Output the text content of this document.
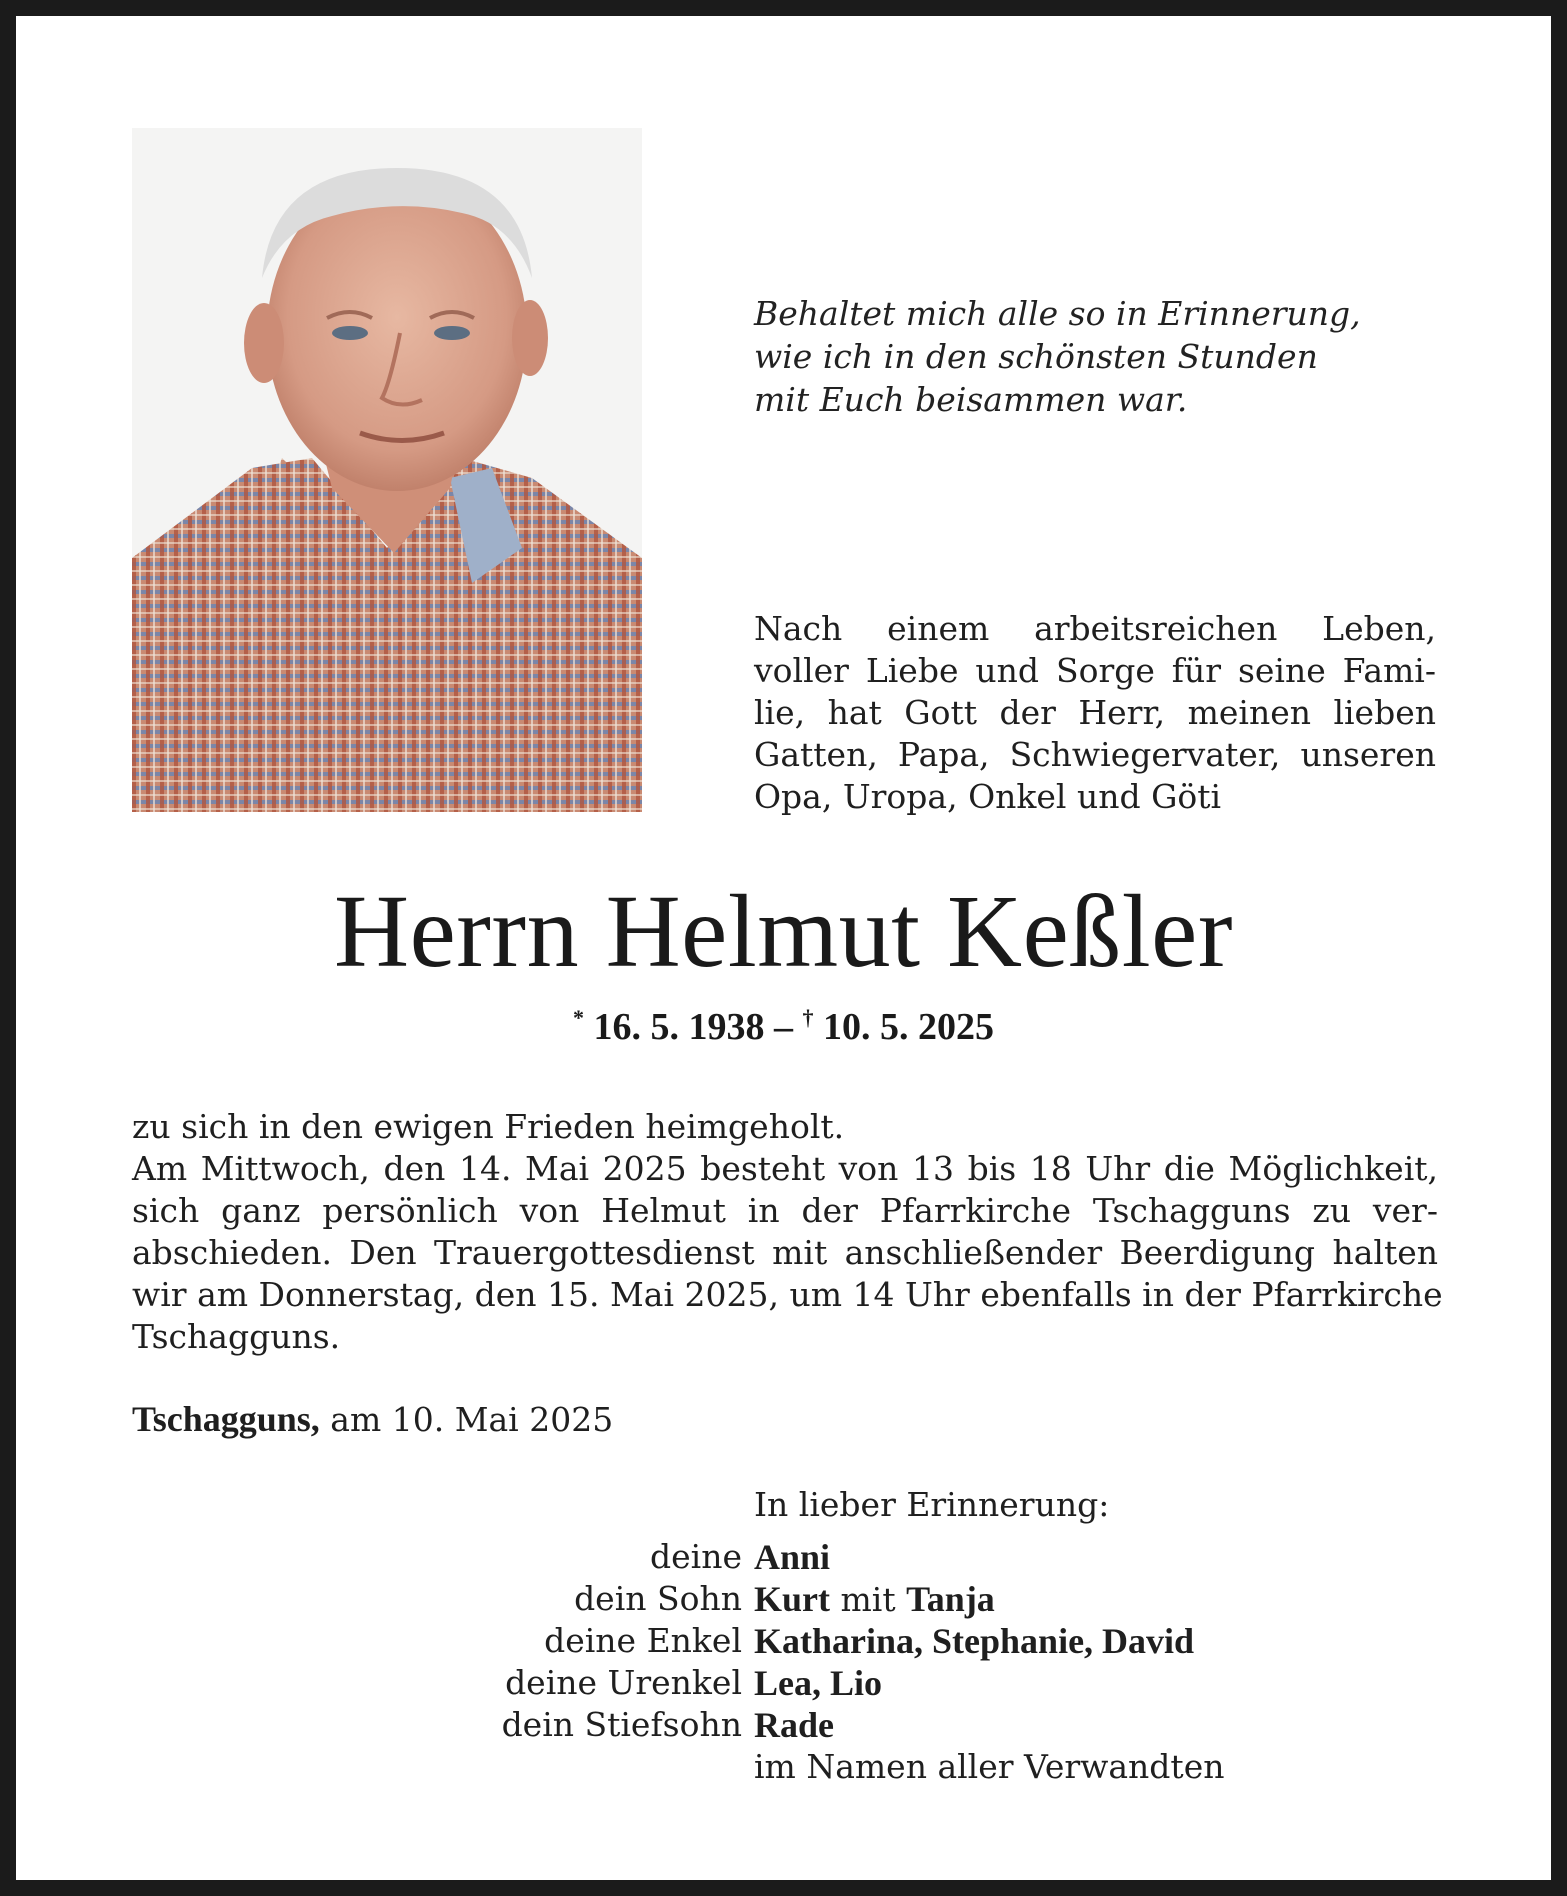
Behaltet mich alle so in Erinnerung,
wie ich in den schönsten Stunden
mit Euch beisammen war.
Nach einem arbeitsreichen Leben,
voller Liebe und Sorge für seine Fami-
lie, hat Gott der Herr, meinen lieben
Gatten, Papa, Schwiegervater, unseren
Opa, Uropa, Onkel und Göti
Herrn Helmut Keßler
* 16. 5. 1938 – † 10. 5. 2025
zu sich in den ewigen Frieden heimgeholt.
Am Mittwoch, den 14. Mai 2025 besteht von 13 bis 18 Uhr die Möglichkeit,
sich ganz persönlich von Helmut in der Pfarrkirche Tschagguns zu ver-
abschieden. Den Trauergottesdienst mit anschließender Beerdigung halten
wir am Donnerstag, den 15. Mai 2025, um 14 Uhr ebenfalls in der Pfarrkirche
Tschagguns.
Tschagguns, am 10. Mai 2025
In lieber Erinnerung:
deine Anni
dein Sohn Kurt mit Tanja
deine Enkel Katharina, Stephanie, David
deine Urenkel Lea, Lio
dein Stiefsohn Rade
im Namen aller Verwandten
